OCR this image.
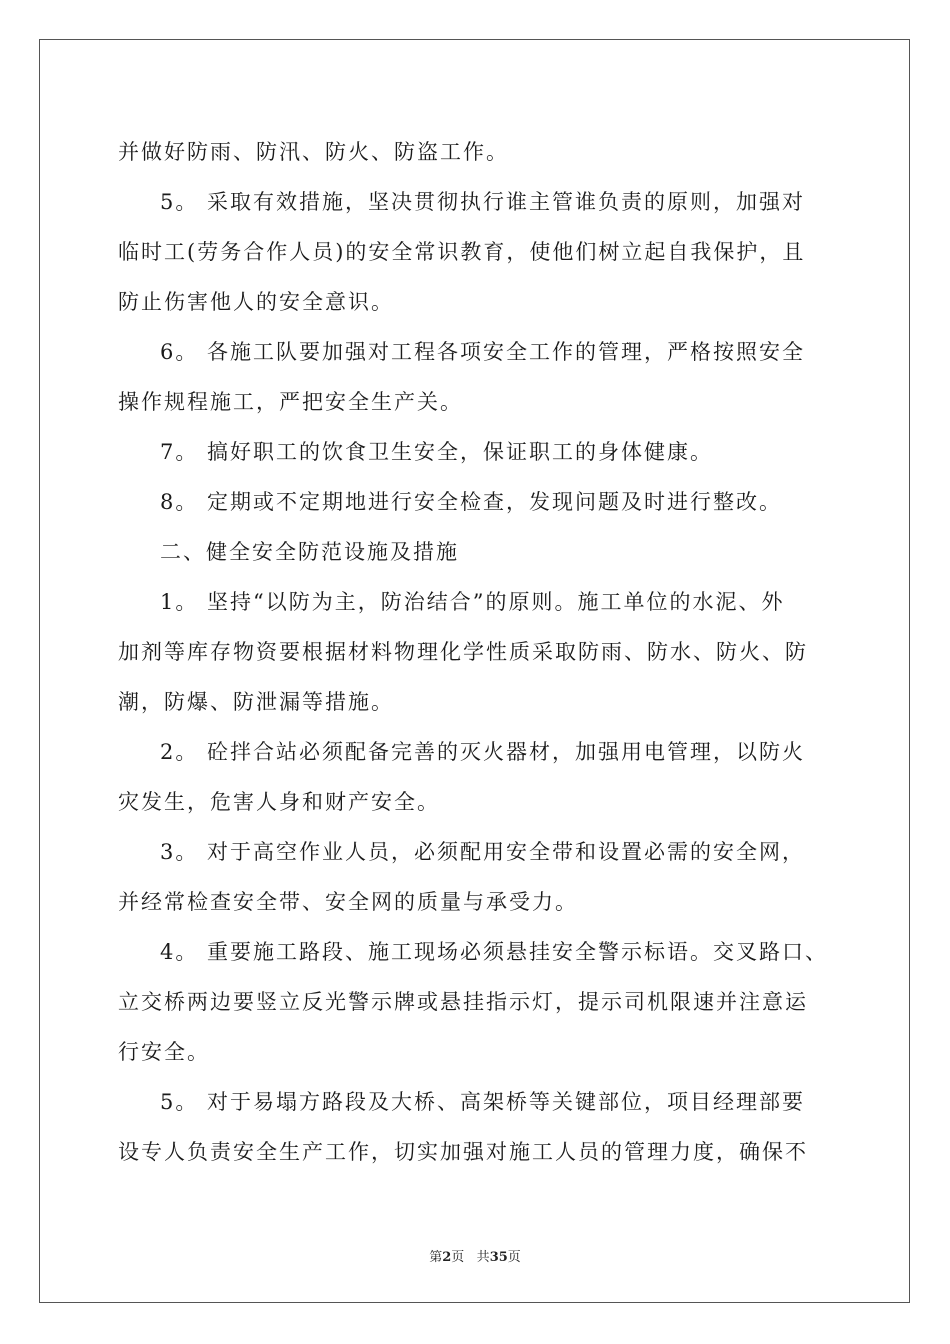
并做好防雨、防汛、防火、防盗工作。
5。 采取有效措施，坚决贯彻执行谁主管谁负责的原则，加强对
临时工(劳务合作人员)的安全常识教育，使他们树立起自我保护，且
防止伤害他人的安全意识。
6。 各施工队要加强对工程各项安全工作的管理，严格按照安全
操作规程施工，严把安全生产关。
7。 搞好职工的饮食卫生安全，保证职工的身体健康。
8。 定期或不定期地进行安全检查，发现问题及时进行整改。
二、健全安全防范设施及措施
1。 坚持“以防为主，防治结合”的原则。施工单位的水泥、外
加剂等库存物资要根据材料物理化学性质采取防雨、防水、防火、防
潮，防爆、防泄漏等措施。
2。 砼拌合站必须配备完善的灭火器材，加强用电管理，以防火
灾发生，危害人身和财产安全。
3。 对于高空作业人员，必须配用安全带和设置必需的安全网，
并经常检查安全带、安全网的质量与承受力。
4。 重要施工路段、施工现场必须悬挂安全警示标语。交叉路口、
立交桥两边要竖立反光警示牌或悬挂指示灯，提示司机限速并注意运
行安全。
5。 对于易塌方路段及大桥、高架桥等关键部位，项目经理部要
设专人负责安全生产工作，切实加强对施工人员的管理力度，确保不
第2页 共35页
